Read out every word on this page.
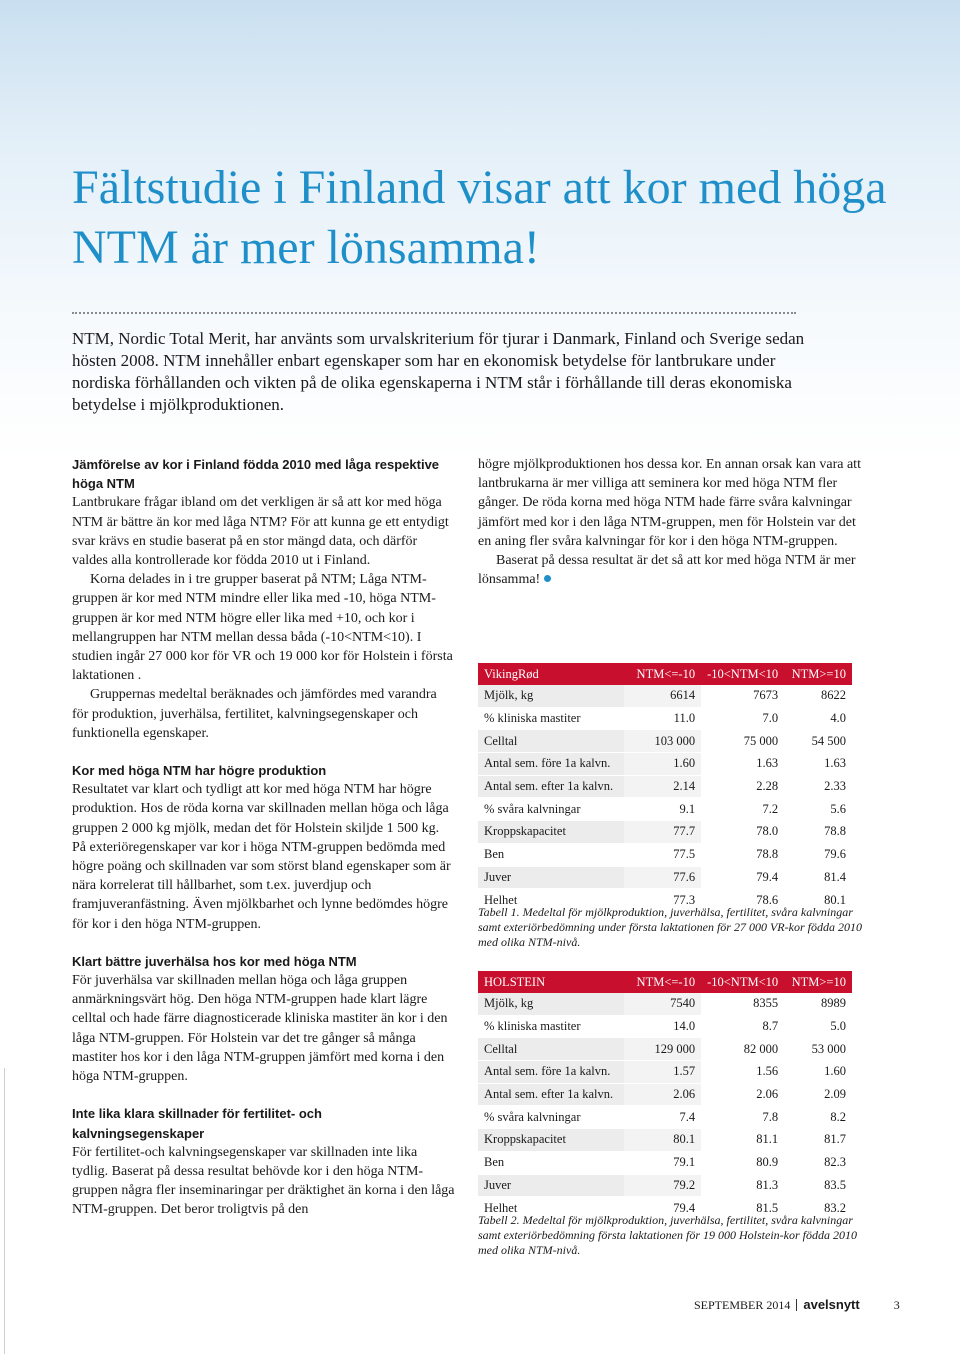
Fältstudie i Finland visar att kor med höga NTM är mer lönsamma!

NTM, Nordic Total Merit, har använts som urvalskriterium för tjurar i Danmark, Finland och Sverige sedan hösten 2008. NTM innehåller enbart egenskaper som har en ekonomisk betydelse för lantbrukare under nordiska förhållanden och vikten på de olika egenskaperna i NTM står i förhållande till deras ekonomiska betydelse i mjölkproduktionen.

Jämförelse av kor i Finland födda 2010 med låga respektive höga NTM

Lantbrukare frågar ibland om det verkligen är så att kor med höga NTM är bättre än kor med låga NTM? För att kunna ge ett entydigt svar krävs en studie baserat på en stor mängd data, och därför valdes alla kontrollerade kor födda 2010 ut i Finland.

Korna delades in i tre grupper baserat på NTM; Låga NTM-gruppen är kor med NTM mindre eller lika med -10, höga NTM-gruppen är kor med NTM högre eller lika med +10, och kor i mellangruppen har NTM mellan dessa båda (-10<NTM<10). I studien ingår 27 000 kor för VR och 19 000 kor för Holstein i första laktationen .

Gruppernas medeltal beräknades och jämfördes med varandra för produktion, juverhälsa, fertilitet, kalvningsegenskaper och funktionella egenskaper.

Kor med höga NTM har högre produktion

Resultatet var klart och tydligt att kor med höga NTM har högre produktion. Hos de röda korna var skillnaden mellan höga och låga gruppen 2 000 kg mjölk, medan det för Holstein skiljde 1 500 kg. På exteriöregenskaper var kor i höga NTM-gruppen bedömda med högre poäng och skillnaden var som störst bland egenskaper som är nära korrelerat till hållbarhet, som t.ex. juverdjup och framjuveranfästning. Även mjölkbarhet och lynne bedömdes högre för kor i den höga NTM-gruppen.

Klart bättre juverhälsa hos kor med höga NTM

För juverhälsa var skillnaden mellan höga och låga gruppen anmärkningsvärt hög. Den höga NTM-gruppen hade klart lägre celltal och hade färre diagnosticerade kliniska mastiter än kor i den låga NTM-gruppen. För Holstein var det tre gånger så många mastiter hos kor i den låga NTM-gruppen jämfört med korna i den höga NTM-gruppen.

Inte lika klara skillnader för fertilitet- och kalvningsegenskaper

För fertilitet-och kalvningsegenskaper var skillnaden inte lika tydlig. Baserat på dessa resultat behövde kor i den höga NTM-gruppen några fler inseminaringar per dräktighet än korna i den låga NTM-gruppen. Det beror troligtvis på den

högre mjölkproduktionen hos dessa kor. En annan orsak kan vara att lantbrukarna är mer villiga att seminera kor med höga NTM fler gånger. De röda korna med höga NTM hade färre svåra kalvningar jämfört med kor i den låga NTM-gruppen, men för Holstein var det en aning fler svåra kalvningar för kor i den höga NTM-gruppen.

Baserat på dessa resultat är det så att kor med höga NTM är mer lönsamma!

VikingRød	NTM<=-10	-10<NTM<10	NTM>=10
Mjölk, kg	6614	7673	8622
% kliniska mastiter	11.0	7.0	4.0
Celltal	103 000	75 000	54 500
Antal sem. före 1a kalvn.	1.60	1.63	1.63
Antal sem. efter 1a kalvn.	2.14	2.28	2.33
% svåra kalvningar	9.1	7.2	5.6
Kroppskapacitet	77.7	78.0	78.8
Ben	77.5	78.8	79.6
Juver	77.6	79.4	81.4
Helhet	77.3	78.6	80.1

Tabell 1. Medeltal för mjölkproduktion, juverhälsa, fertilitet, svåra kalvningar samt exteriörbedömning under första laktationen för 27 000 VR-kor födda 2010 med olika NTM-nivå.

HOLSTEIN	NTM<=-10	-10<NTM<10	NTM>=10
Mjölk, kg	7540	8355	8989
% kliniska mastiter	14.0	8.7	5.0
Celltal	129 000	82 000	53 000
Antal sem. före 1a kalvn.	1.57	1.56	1.60
Antal sem. efter 1a kalvn.	2.06	2.06	2.09
% svåra kalvningar	7.4	7.8	8.2
Kroppskapacitet	80.1	81.1	81.7
Ben	79.1	80.9	82.3
Juver	79.2	81.3	83.5
Helhet	79.4	81.5	83.2

Tabell 2. Medeltal för mjölkproduktion, juverhälsa, fertilitet, svåra kalvningar samt exteriörbedömning första laktationen för 19 000 Holstein-kor födda 2010 med olika NTM-nivå.

SEPTEMBER 2014 avelsnytt	3
